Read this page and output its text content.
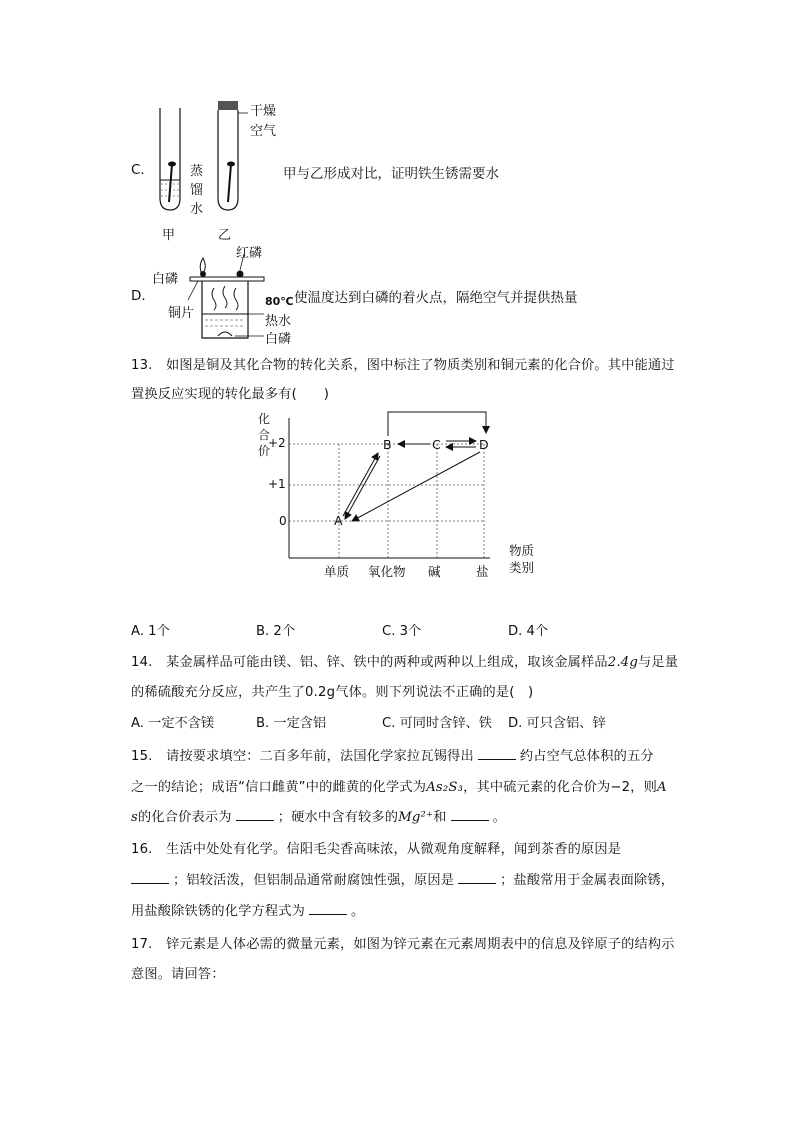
C.
干燥
空气
蒸
馏
水
甲	乙
甲与乙形成对比，证明铁生锈需要水
D.
红磷
白磷
铜片
80℃
热水
白磷
使温度达到白磷的着火点，隔绝空气并提供热量
13.　如图是铜及其化合物的转化关系，图中标注了物质类别和铜元素的化合价。其中能通过
置换反应实现的转化最多有(　　)
化
合
价
+2
+1
0
单质 氧化物 碱	盐
物质
类别
A
B	C	D
A. 1个	B. 2个	C. 3个	D. 4个
14.　某金属样品可能由镁、铝、锌、铁中的两种或两种以上组成，取该金属样品2.4g与足量
的稀硫酸充分反应，共产生了0.2g气体。则下列说法不正确的是(　)
A. 一定不含镁	B. 一定含铝	C. 可同时含锌、铁 D. 可只含铝、锌
15.　请按要求填空：二百多年前，法国化学家拉瓦锡得出	约占空气总体积的五分
之一的结论；成语“信口雌黄”中的雌黄的化学式为As₂S₃，其中硫元素的化合价为−2，则A
s的化合价表示为	；硬水中含有较多的Mg²⁺和	。
16.　生活中处处有化学。信阳毛尖香高味浓，从微观角度解释，闻到茶香的原因是
；铝较活泼，但铝制品通常耐腐蚀性强，原因是	；盐酸常用于金属表面除锈，
用盐酸除铁锈的化学方程式为	。
17.　锌元素是人体必需的微量元素，如图为锌元素在元素周期表中的信息及锌原子的结构示
意图。请回答：
